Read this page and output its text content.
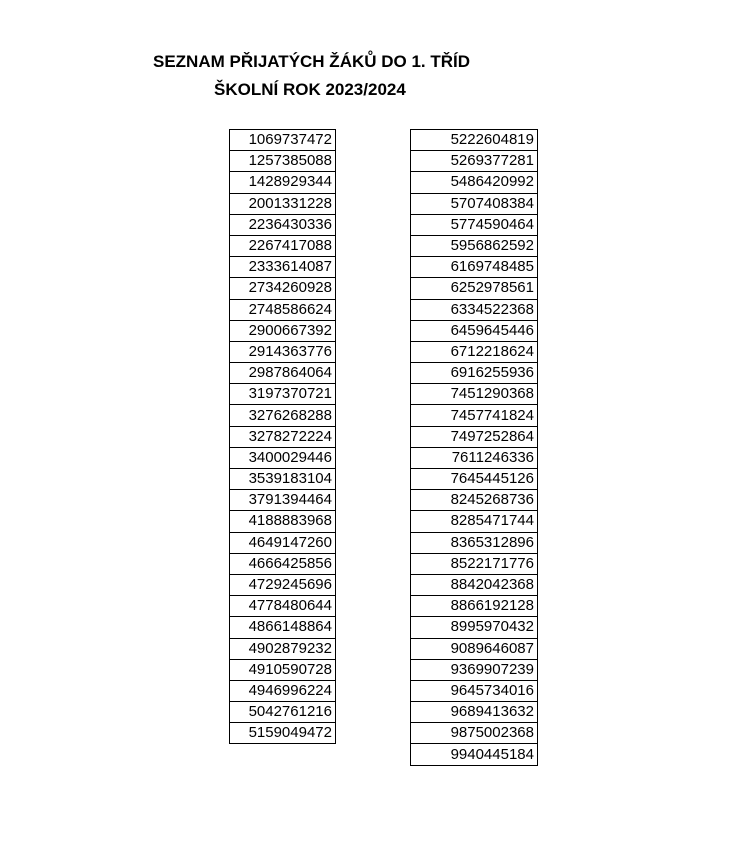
SEZNAM PŘIJATÝCH ŽÁKŮ DO 1. TŘÍD
ŠKOLNÍ ROK 2023/2024
1069737472
1257385088
1428929344
2001331228
2236430336
2267417088
2333614087
2734260928
2748586624
2900667392
2914363776
2987864064
3197370721
3276268288
3278272224
3400029446
3539183104
3791394464
4188883968
4649147260
4666425856
4729245696
4778480644
4866148864
4902879232
4910590728
4946996224
5042761216
5159049472
5222604819
5269377281
5486420992
5707408384
5774590464
5956862592
6169748485
6252978561
6334522368
6459645446
6712218624
6916255936
7451290368
7457741824
7497252864
7611246336
7645445126
8245268736
8285471744
8365312896
8522171776
8842042368
8866192128
8995970432
9089646087
9369907239
9645734016
9689413632
9875002368
9940445184
